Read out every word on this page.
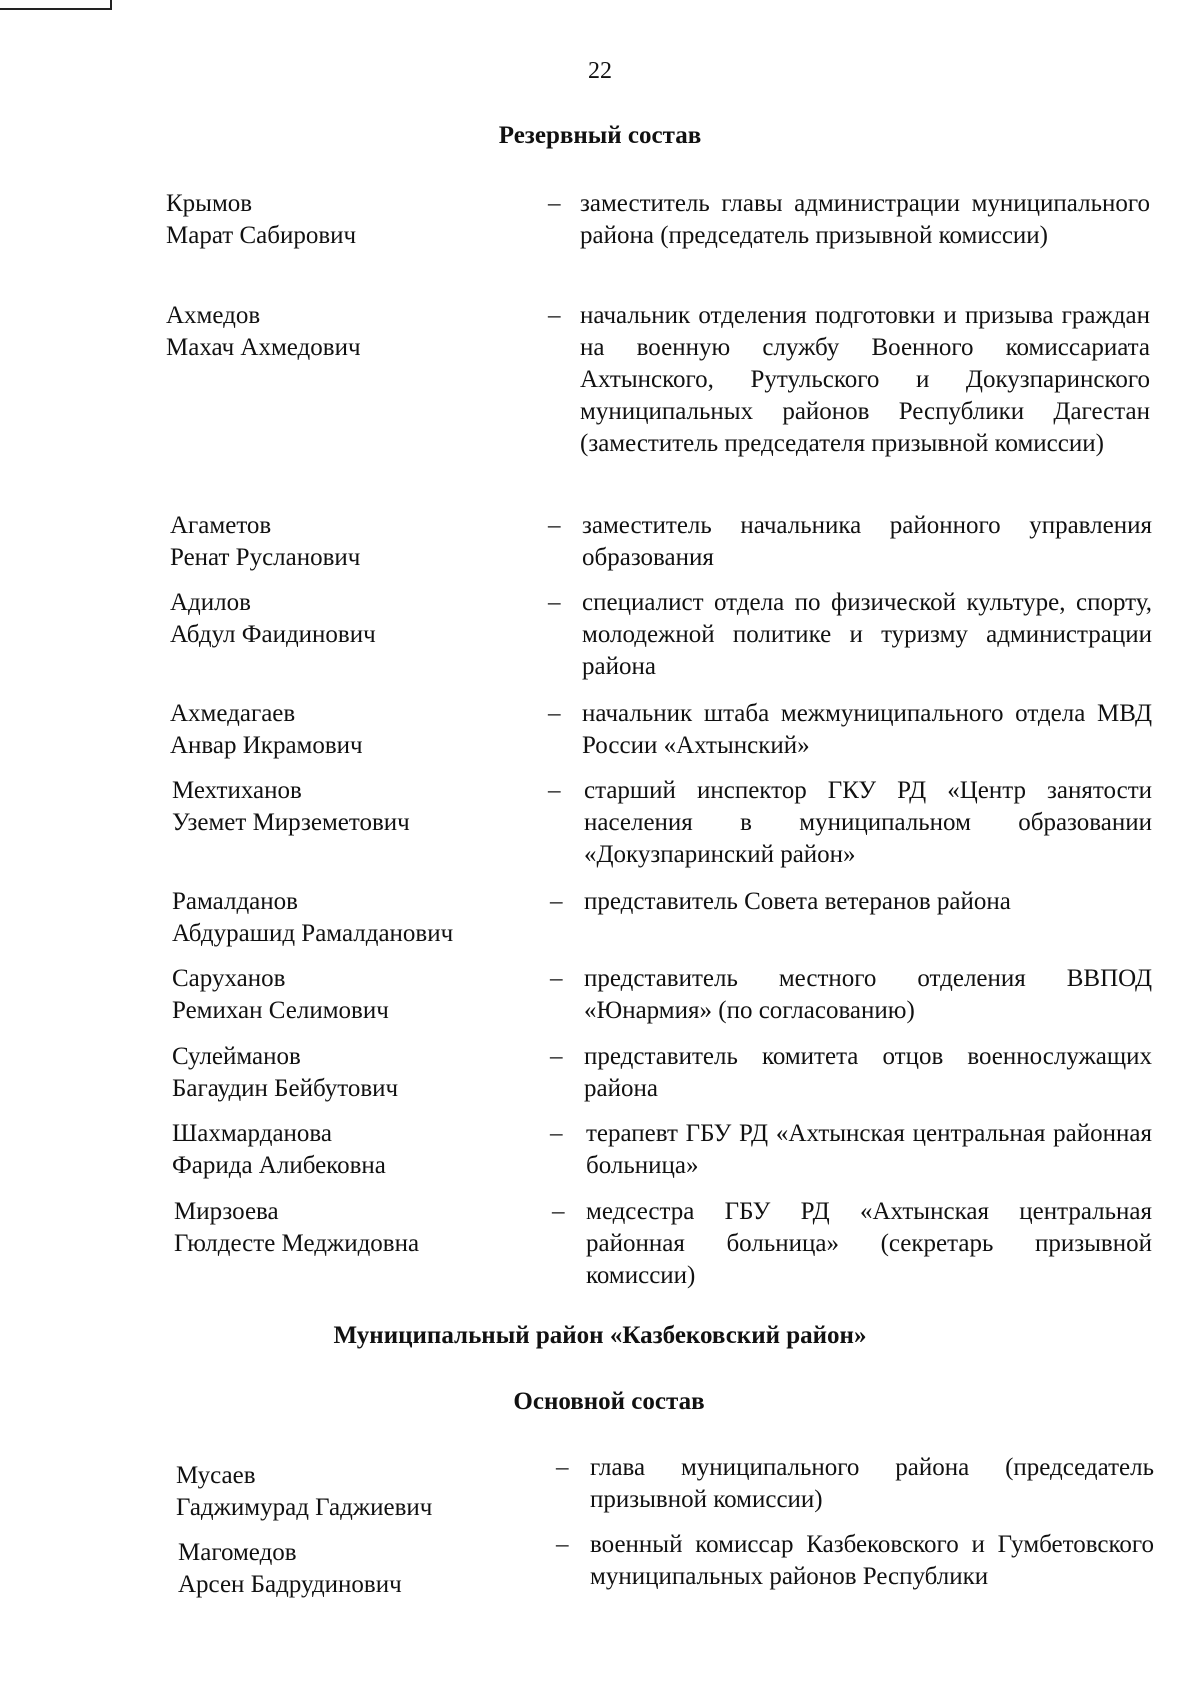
22
Резервный состав
Крымов
Марат Сабирович
– заместитель главы администрации муниципального района (председатель призывной комиссии)
Ахмедов
Махач Ахмедович
– начальник отделения подготовки и призыва граждан на военную службу Военного комиссариата Ахтынского, Рутульского и Докузпаринского муниципальных районов Республики Дагестан (заместитель председателя призывной комиссии)
Агаметов
Ренат Русланович
– заместитель начальника районного управления образования
Адилов
Абдул Фаидинович
– специалист отдела по физической культуре, спорту, молодежной политике и туризму администрации района
Ахмедагаев
Анвар Икрамович
– начальник штаба межмуниципального отдела МВД России «Ахтынский»
Мехтиханов
Уземет Мирземетович
– старший инспектор ГКУ РД «Центр занятости населения в муниципальном образовании «Докузпаринский район»
Рамалданов
Абдурашид Рамалданович
– представитель Совета ветеранов района
Саруханов
Ремихан Селимович
– представитель местного отделения ВВПОД «Юнармия» (по согласованию)
Сулейманов
Багаудин Бейбутович
– представитель комитета отцов военнослужащих района
Шахмарданова
Фарида Алибековна
– терапевт ГБУ РД «Ахтынская центральная районная больница»
Мирзоева
Гюлдесте Меджидовна
– медсестра ГБУ РД «Ахтынская центральная районная больница» (секретарь призывной комиссии)
Муниципальный район «Казбековский район»
Основной состав
Мусаев
Гаджимурад Гаджиевич
– глава муниципального района (председатель призывной комиссии)
Магомедов
Арсен Бадрудинович
– военный комиссар Казбековского и Гумбетовского муниципальных районов Республики
